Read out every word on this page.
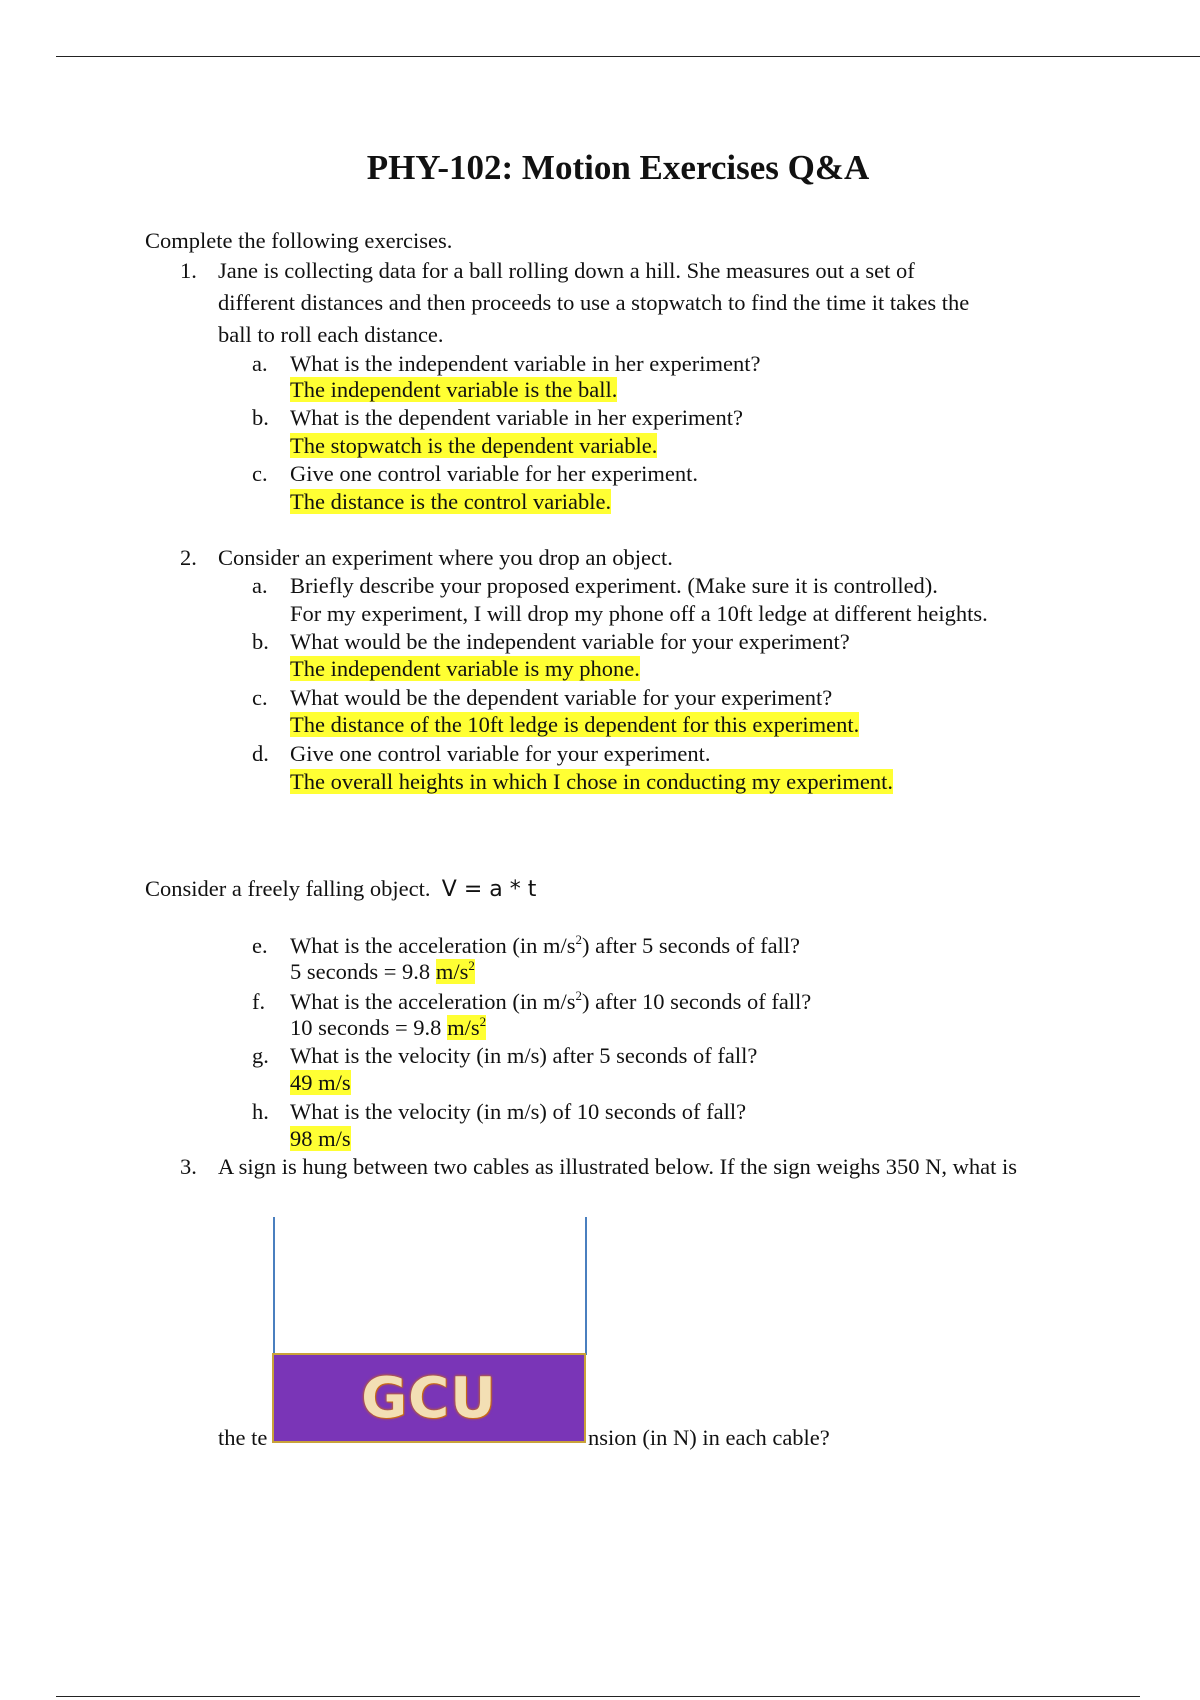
PHY-102: Motion Exercises Q&A
Complete the following exercises.
1. Jane is collecting data for a ball rolling down a hill. She measures out a set of
different distances and then proceeds to use a stopwatch to find the time it takes the
ball to roll each distance.
a. What is the independent variable in her experiment?
The independent variable is the ball.
b. What is the dependent variable in her experiment?
The stopwatch is the dependent variable.
c. Give one control variable for her experiment.
The distance is the control variable.
2. Consider an experiment where you drop an object.
a. Briefly describe your proposed experiment. (Make sure it is controlled).
For my experiment, I will drop my phone off a 10ft ledge at different heights.
b. What would be the independent variable for your experiment?
The independent variable is my phone.
c. What would be the dependent variable for your experiment?
The distance of the 10ft ledge is dependent for this experiment.
d. Give one control variable for your experiment.
The overall heights in which I chose in conducting my experiment.
Consider a freely falling object. V = a * t
e. What is the acceleration (in $m/s^2$) after 5 seconds of fall?
5 seconds = 9.8 $m/s^2$
f. What is the acceleration (in $m/s^2$) after 10 seconds of fall?
10 seconds = 9.8 $m/s^2$
g. What is the velocity (in m/s) after 5 seconds of fall?
49 m/s
h. What is the velocity (in m/s) of 10 seconds of fall?
98 m/s
3. A sign is hung between two cables as illustrated below. If the sign weighs 350 N, what is
GCU
the te	nsion (in N) in each cable?
